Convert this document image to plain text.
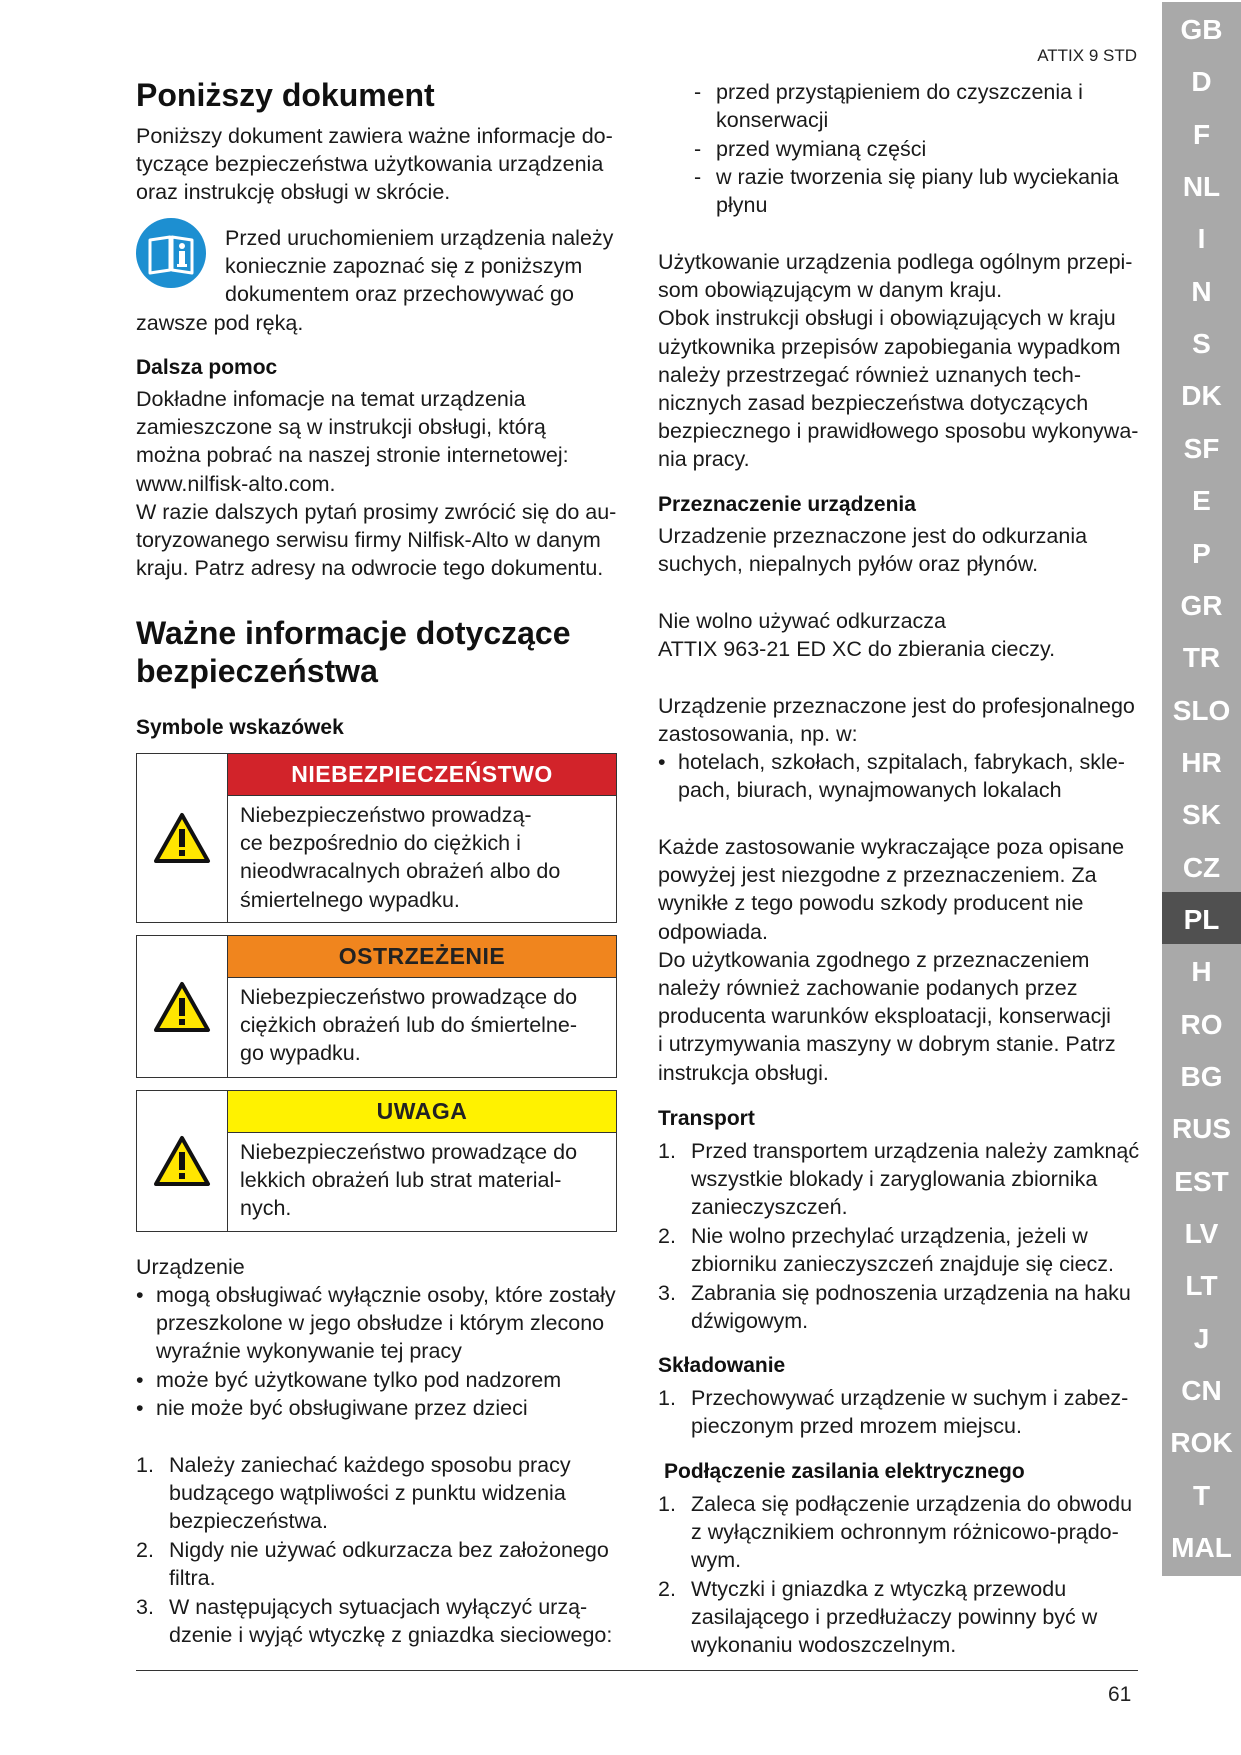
ATTIX 9 STD
Poniższy dokument
Poniższy dokument zawiera ważne informacje do-
tyczące bezpieczeństwa użytkowania urządzenia
oraz instrukcję obsługi w skrócie.
Przed uruchomieniem urządzenia należy
koniecznie zapoznać się z poniższym
dokumentem oraz przechowywać go
zawsze pod ręką.
Dalsza pomoc
Dokładne infomacje na temat urządzenia
zamieszczone są w instrukcji obsługi, którą
można pobrać na naszej stronie internetowej:
www.nilfisk-alto.com.
W razie dalszych pytań prosimy zwrócić się do au-
toryzowanego serwisu firmy Nilfisk-Alto w danym
kraju. Patrz adresy na odwrocie tego dokumentu.
Ważne informacje dotyczące
bezpieczeństwa
Symbole wskazówek
NIEBEZPIECZEŃSTWO
Niebezpieczeństwo prowadzą-
ce bezpośrednio do ciężkich i
nieodwracalnych obrażeń albo do
śmiertelnego wypadku.
OSTRZEŻENIE
Niebezpieczeństwo prowadzące do
ciężkich obrażeń lub do śmiertelne-
go wypadku.
UWAGA
Niebezpieczeństwo prowadzące do
lekkich obrażeń lub strat material-
nych.
Urządzenie
• mogą obsługiwać wyłącznie osoby, które zostały
przeszkolone w jego obsłudze i którym zlecono
wyraźnie wykonywanie tej pracy
• może być użytkowane tylko pod nadzorem
• nie może być obsługiwane przez dzieci
1. Należy zaniechać każdego sposobu pracy
budzącego wątpliwości z punktu widzenia
bezpieczeństwa.
2. Nigdy nie używać odkurzacza bez założonego
filtra.
3. W następujących sytuacjach wyłączyć urzą-
dzenie i wyjąć wtyczkę z gniazdka sieciowego:
- przed przystąpieniem do czyszczenia i
konserwacji
- przed wymianą części
- w razie tworzenia się piany lub wyciekania
płynu
Użytkowanie urządzenia podlega ogólnym przepi-
som obowiązującym w danym kraju.
Obok instrukcji obsługi i obowiązujących w kraju
użytkownika przepisów zapobiegania wypadkom
należy przestrzegać również uznanych tech-
nicznych zasad bezpieczeństwa dotyczących
bezpiecznego i prawidłowego sposobu wykonywa-
nia pracy.
Przeznaczenie urządzenia
Urzadzenie przeznaczone jest do odkurzania
suchych, niepalnych pyłów oraz płynów.
Nie wolno używać odkurzacza
ATTIX 963-21 ED XC do zbierania cieczy.
Urządzenie przeznaczone jest do profesjonalnego
zastosowania, np. w:
• hotelach, szkołach, szpitalach, fabrykach, skle-
pach, biurach, wynajmowanych lokalach
Każde zastosowanie wykraczające poza opisane
powyżej jest niezgodne z przeznaczeniem. Za
wynikłe z tego powodu szkody producent nie
odpowiada.
Do użytkowania zgodnego z przeznaczeniem
należy również zachowanie podanych przez
producenta warunków eksploatacji, konserwacji
i utrzymywania maszyny w dobrym stanie. Patrz
instrukcja obsługi.
Transport
1. Przed transportem urządzenia należy zamknąć
wszystkie blokady i zaryglowania zbiornika
zanieczyszczeń.
2. Nie wolno przechylać urządzenia, jeżeli w
zbiorniku zanieczyszczeń znajduje się ciecz.
3. Zabrania się podnoszenia urządzenia na haku
dźwigowym.
Składowanie
1. Przechowywać urządzenie w suchym i zabez-
pieczonym przed mrozem miejscu.
Podłączenie zasilania elektrycznego
1. Zaleca się podłączenie urządzenia do obwodu
z wyłącznikiem ochronnym różnicowo-prądo-
wym.
2. Wtyczki i gniazdka z wtyczką przewodu
zasilającego i przedłużaczy powinny być w
wykonaniu wodoszczelnym.
61
GB
D
F
NL
I
N
S
DK
SF
E
P
GR
TR
SLO
HR
SK
CZ
PL
H
RO
BG
RUS
EST
LV
LT
J
CN
ROK
T
MAL
